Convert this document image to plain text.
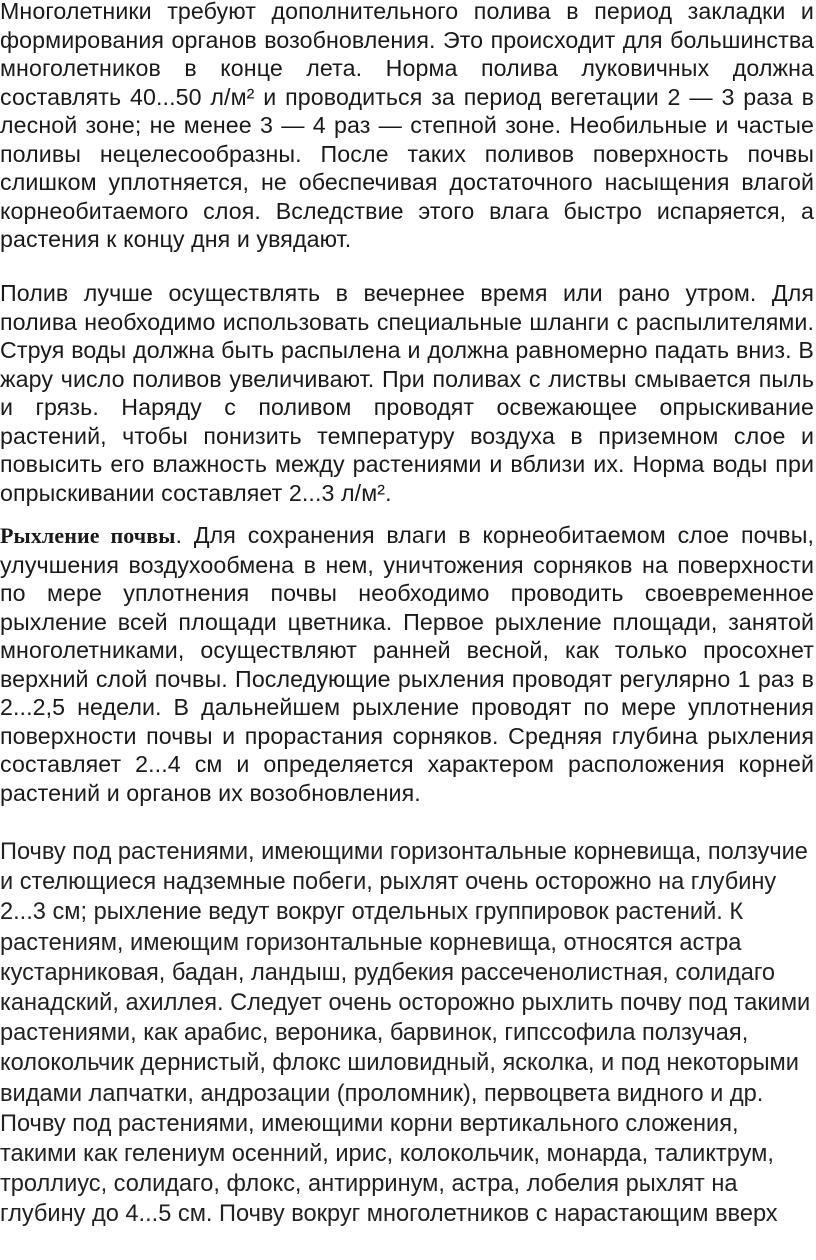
Многолетники требуют дополнительного полива в период закладки и формирования органов возобновления. Это происходит для большинства многолетников в конце лета. Норма полива луковичных должна составлять 40...50 л/м² и проводиться за период вегетации 2 — 3 раза в лесной зоне; не менее 3 — 4 раз — степной зоне. Необильные и частые поливы нецелесообразны. После таких поливов поверхность почвы слишком уплотняется, не обеспечивая достаточного насыщения влагой корнеобитаемого слоя. Вследствие этого влага быстро испаряется, а растения к концу дня и увядают.

Полив лучше осуществлять в вечернее время или рано утром. Для полива необходимо использовать специальные шланги с распылителями. Струя воды должна быть распылена и должна равномерно падать вниз. В жару число поливов увеличивают. При поливах с листвы смывается пыль и грязь. Наряду с поливом проводят освежающее опрыскивание растений, чтобы понизить температуру воздуха в приземном слое и повысить его влажность между растениями и вблизи их. Норма воды при опрыскивании составляет 2...3 л/м².

Рыхление почвы. Для сохранения влаги в корнеобитаемом слое почвы, улучшения воздухообмена в нем, уничтожения сорняков на поверхности по мере уплотнения почвы необходимо проводить своевременное рыхление всей площади цветника. Первое рыхление площади, занятой многолетниками, осуществляют ранней весной, как только просохнет верхний слой почвы. Последующие рыхления проводят регулярно 1 раз в 2...2,5 недели. В дальнейшем рыхление проводят по мере уплотнения поверхности почвы и прорастания сорняков. Средняя глубина рыхления составляет 2...4 см и определяется характером расположения корней растений и органов их возобновления.

Почву под растениями, имеющими горизонтальные корневища, ползучие и стелющиеся надземные побеги, рыхлят очень осторожно на глубину 2...3 см; рыхление ведут вокруг отдельных группировок растений. К растениям, имеющим горизонтальные корневища, относятся астра кустарниковая, бадан, ландыш, рудбекия рассеченолистная, солидаго канадский, ахиллея. Следует очень осторожно рыхлить почву под такими растениями, как арабис, вероника, барвинок, гипссофила ползучая, колокольчик дернистый, флокс шиловидный, ясколка, и под некоторыми видами лапчатки, андрозации (проломник), первоцвета видного и др. Почву под растениями, имеющими корни вертикального сложения, такими как гелениум осенний, ирис, колокольчик, монарда, таликтрум, троллиус, солидаго, флокс, антирринум, астра, лобелия рыхлят на глубину до 4...5 см. Почву вокруг многолетников с нарастающим вверх
